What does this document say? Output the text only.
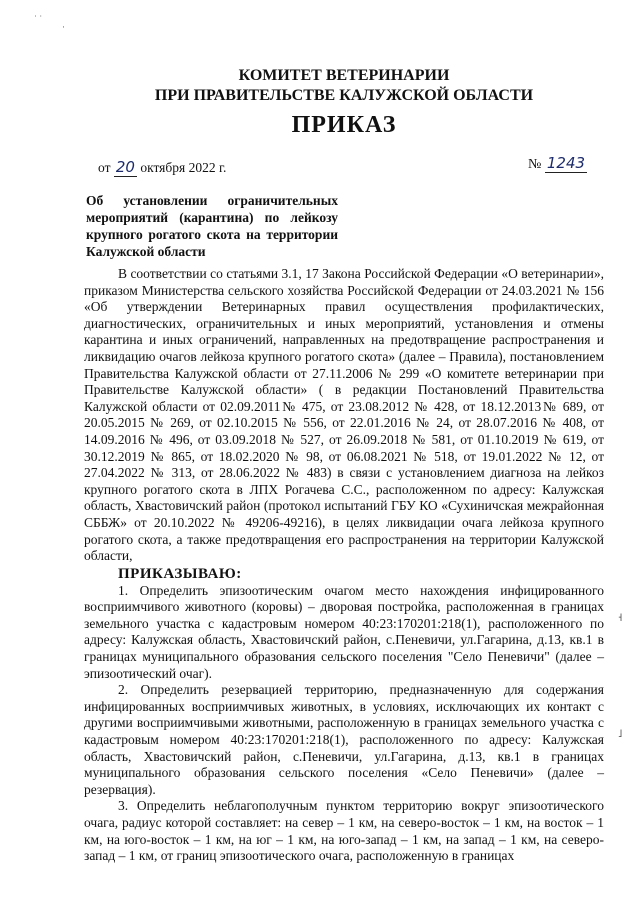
˙ ˙
·
КОМИТЕТ ВЕТЕРИНАРИИ
ПРИ ПРАВИТЕЛЬСТВЕ КАЛУЖСКОЙ ОБЛАСТИ
ПРИКАЗ
от 20 октября 2022 г.	№ 1243
Об установлении ограничительных мероприятий (карантина) по лейкозу крупного рогатого скота на территории Калужской области

В соответствии со статьями 3.1, 17 Закона Российской Федерации «О ветеринарии», приказом Министерства сельского хозяйства Российской Федерации от 24.03.2021 № 156 «Об утверждении Ветеринарных правил осуществления профилактических, диагностических, ограничительных и иных мероприятий, установления и отмены карантина и иных ограничений, направленных на предотвращение распространения и ликвидацию очагов лейкоза крупного рогатого скота» (далее – Правила), постановлением Правительства Калужской области от 27.11.2006 № 299 «О комитете ветеринарии при Правительстве Калужской области» ( в редакции Постановлений Правительства Калужской области от 02.09.2011№ 475, от 23.08.2012 № 428, от 18.12.2013№ 689, от 20.05.2015 № 269, от 02.10.2015 № 556, от 22.01.2016 № 24, от 28.07.2016 № 408, от 14.09.2016 № 496, от 03.09.2018 № 527, от 26.09.2018 № 581, от 01.10.2019 № 619, от 30.12.2019 № 865, от 18.02.2020 № 98, от 06.08.2021 № 518, от 19.01.2022 № 12, от 27.04.2022 № 313, от 28.06.2022 № 483) в связи с установлением диагноза на лейкоз крупного рогатого скота в ЛПХ Рогачева С.С., расположенном по адресу: Калужская область, Хвастовичский район (протокол испытаний ГБУ КО «Сухиничская межрайонная СББЖ» от 20.10.2022 № 49206-49216), в целях ликвидации очага лейкоза крупного рогатого скота, а также предотвращения его распространения на территории Калужской области,

ПРИКАЗЫВАЮ:

1. Определить эпизоотическим очагом место нахождения инфицированного восприимчивого животного (коровы) – дворовая постройка, расположенная в границах земельного участка с кадастровым номером 40:23:170201:218(1), расположенного по адресу: Калужская область, Хвастовичский район, с.Пеневичи, ул.Гагарина, д.13, кв.1 в границах муниципального образования сельского поселения "Село Пеневичи" (далее – эпизоотический очаг).

2. Определить резервацией территорию, предназначенную для содержания инфицированных восприимчивых животных, в условиях, исключающих их контакт с другими восприимчивыми животными, расположенную в границах земельного участка с кадастровым номером 40:23:170201:218(1), расположенного по адресу: Калужская область, Хвастовичский район, с.Пеневичи, ул.Гагарина, д.13, кв.1 в границах муниципального образования сельского поселения «Село Пеневичи» (далее – резервация).

3. Определить неблагополучным пунктом территорию вокруг эпизоотического очага, радиус которой составляет: на север – 1 км, на северо-восток – 1 км, на восток – 1 км, на юго-восток – 1 км, на юг – 1 км, на юго-запад – 1 км, на запад – 1 км, на северо-запад – 1 км, от границ эпизоотического очага, расположенную в границах

˧
˩
